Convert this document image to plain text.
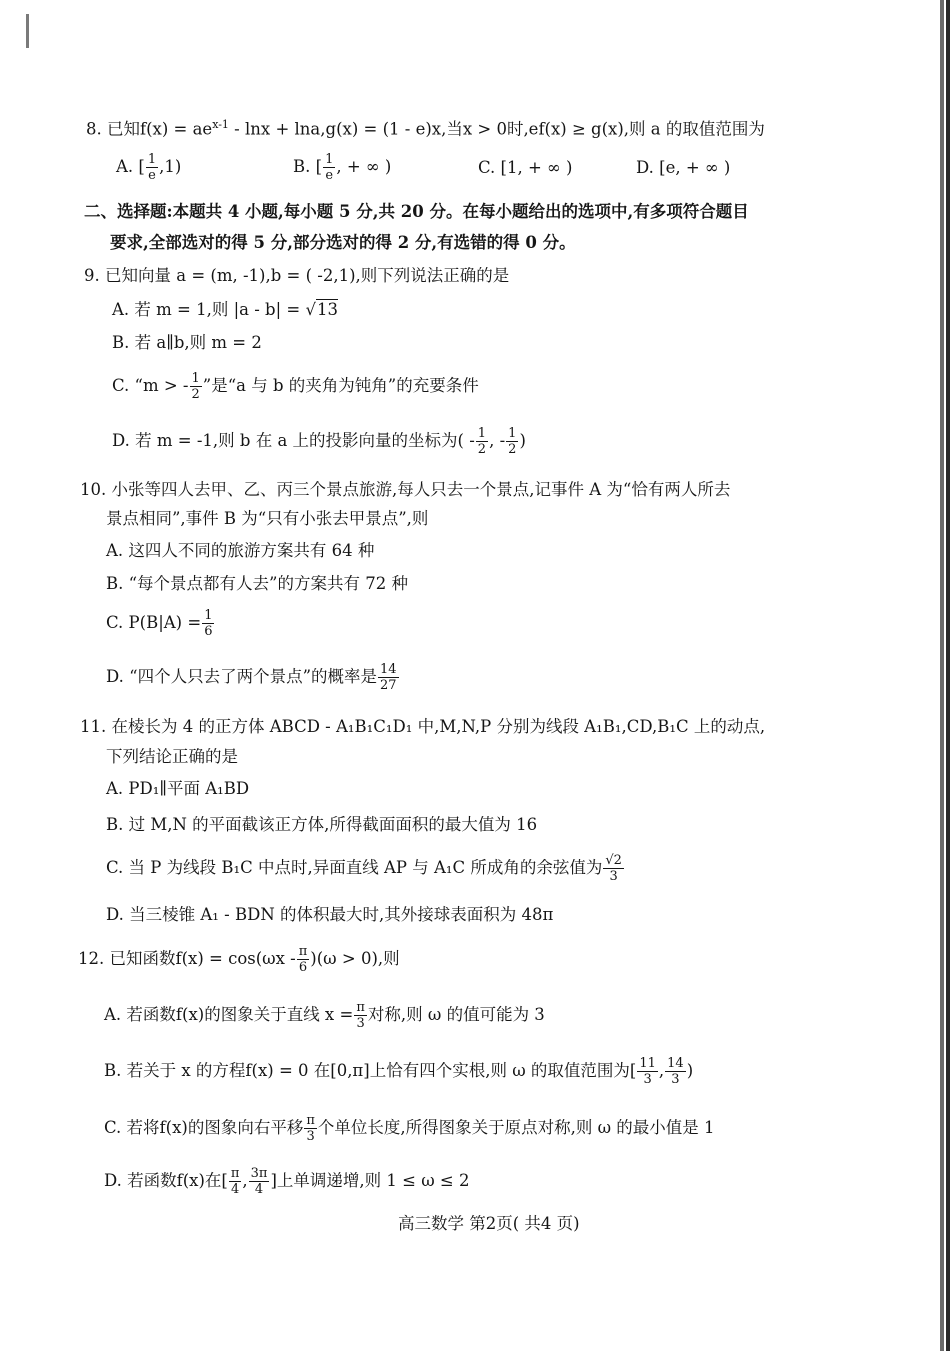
8. 已知$f(x) = ae^{x-1} - \ln x + \ln a,g(x) = (1 - e)x$,当x > 0时,ef(x) ≥ g(x),则 a 的取值范围为
A. [ $\frac{1}{e} ,1$)	B. [ $\frac{1}{e}$ , + ∞ )	C. [1, + ∞ )	D. [e, + ∞ )
二、选择题:本题共 4 小题,每小题 5 分,共 20 分。在每小题给出的选项中,有多项符合题目
要求,全部选对的得 5 分,部分选对的得 2 分,有选错的得 0 分。
9. 已知向量 a = (m, -1),b = ( -2,1),则下列说法正确的是
A. 若 m = 1,则 |a - b| = √13
B. 若 a∥b,则 m = 2
C. “m > - $\frac{1}{2}$ ”是“a 与 b 的夹角为钝角”的充要条件
D. 若 m = -1,则 b 在 a 上的投影向量的坐标为( - $\frac{1}{2}$ , - $\frac{1}{2}$ )
10. 小张等四人去甲、乙、丙三个景点旅游,每人只去一个景点,记事件 A 为“恰有两人所去
景点相同”,事件 B 为“只有小张去甲景点”,则
A. 这四人不同的旅游方案共有 64 种
B. “每个景点都有人去”的方案共有 72 种
C. $P(B|A) = \frac{1}{6}$
D. “四个人只去了两个景点”的概率是 $\frac{14}{27}$
11. 在棱长为 4 的正方体 ABCD - A₁B₁C₁D₁ 中,M,N,P 分别为线段 A₁B₁,CD,B₁C 上的动点,
下列结论正确的是
A. PD₁∥平面 A₁BD
B. 过 M,N 的平面截该正方体,所得截面面积的最大值为 16
C. 当 P 为线段 B₁C 中点时,异面直线 AP 与 A₁C 所成角的余弦值为 $\frac{√2}{3}$
D. 当三棱锥 A₁ - BDN 的体积最大时,其外接球表面积为 48π
12. 已知函数$f(x) = \cos(\omega x - \frac{\pi}{6} )(\omega > 0)$,则
A. 若函数f(x)的图象关于直线 $x = \frac{\pi}{3}$ 对称,则 ω 的值可能为 3
B. 若关于 x 的方程f(x) = 0 在[0,π]上恰有四个实根,则 ω 的取值范围为[ $\frac{11}{3}$ , $\frac{14}{3}$ )
C. 若将f(x)的图象向右平移 $\frac{\pi}{3}$ 个单位长度,所得图象关于原点对称,则 ω 的最小值是 1
D. 若函数f(x)在[ $\frac{\pi}{4}$ , $\frac{3\pi}{4}$ ]上单调递增,则 1 ≤ ω ≤ 2
高三数学 第2页( 共4 页)
